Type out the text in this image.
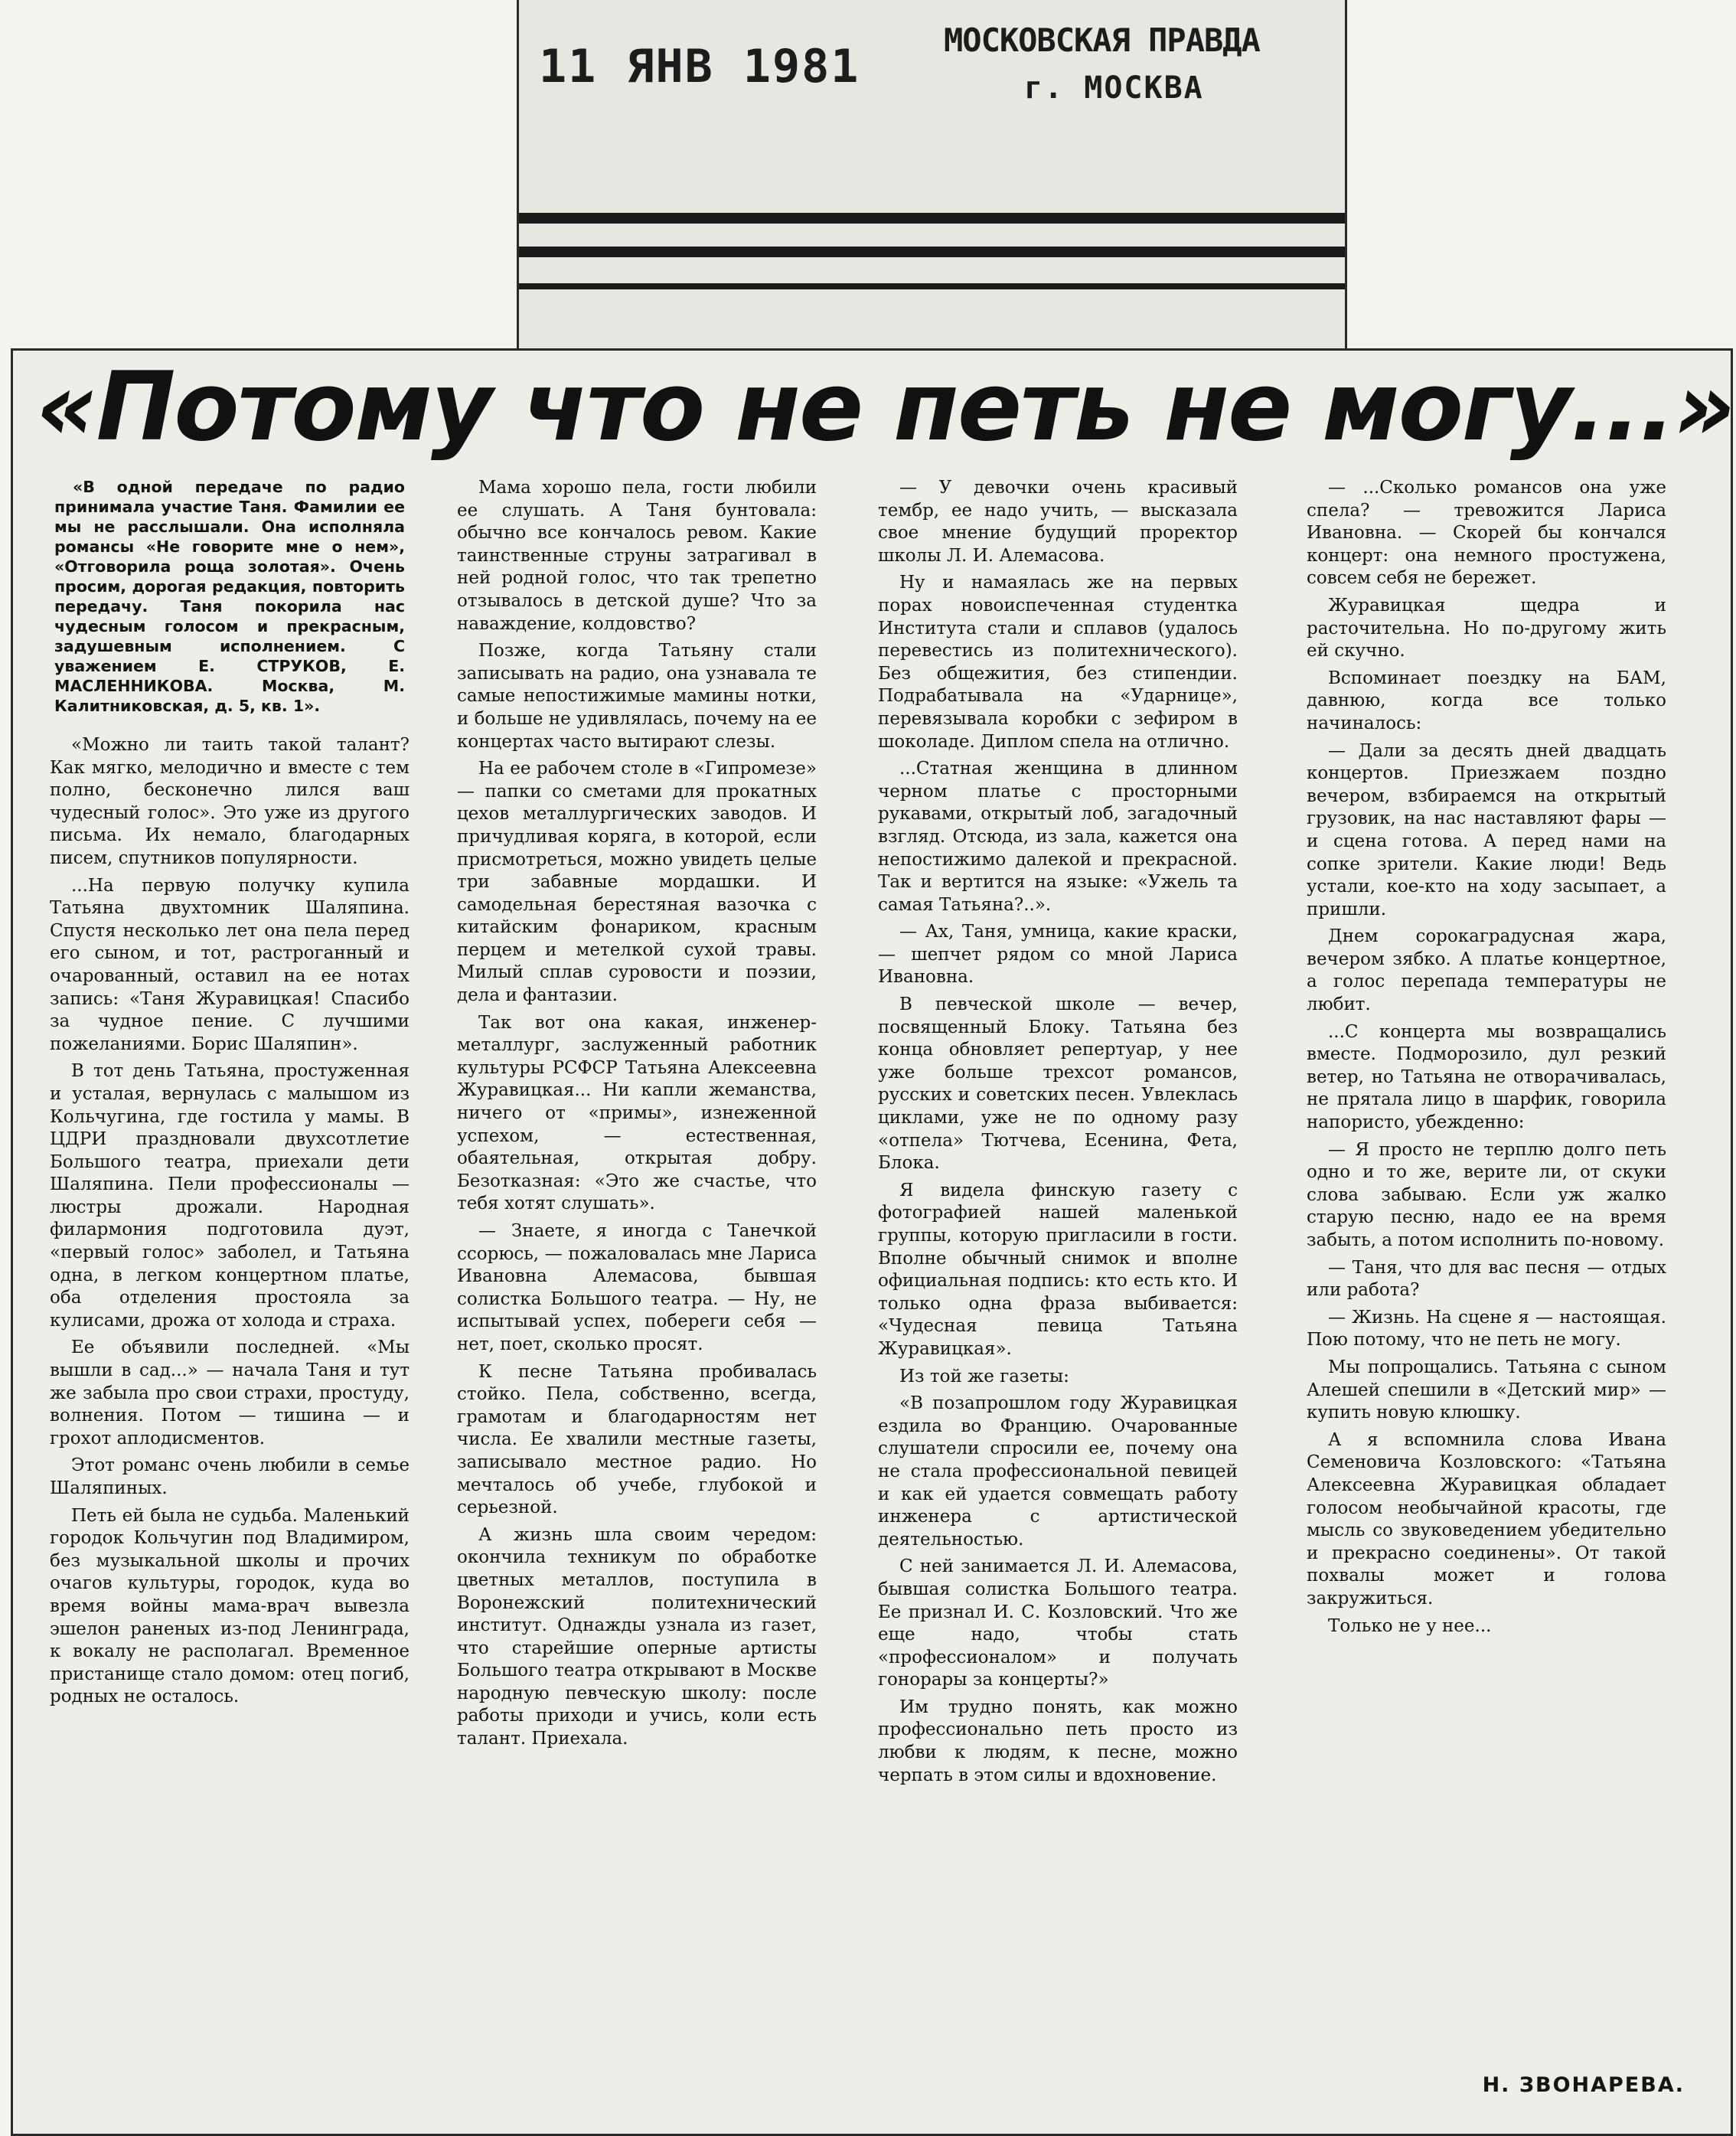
11 ЯНВ 1981	МОСКОВСКАЯ ПРАВДА
г. МОСКВА
«Потому что не петь не могу...»

«В одной передаче по радио принимала участие Таня. Фамилии ее мы не расслышали. Она исполняла романсы «Не говорите мне о нем», «Отговорила роща золотая». Очень просим, дорогая редакция, повторить передачу. Таня покорила нас чудесным голосом и прекрасным, задушевным исполнением. С уважением Е. СТРУКОВ, Е. МАСЛЕННИКОВА. Москва, М. Калитниковская, д. 5, кв. 1».

«Можно ли таить такой талант? Как мягко, мелодично и вместе с тем полно, бесконечно лился ваш чудесный голос». Это уже из другого письма. Их немало, благодарных писем, спутников популярности.

...На первую получку купила Татьяна двухтомник Шаляпина. Спустя несколько лет она пела перед его сыном, и тот, растроганный и очарованный, оставил на ее нотах запись: «Таня Журавицкая! Спасибо за чудное пение. С лучшими пожеланиями. Борис Шаляпин».

В тот день Татьяна, простуженная и усталая, вернулась с малышом из Кольчугина, где гостила у мамы. В ЦДРИ праздновали двухсотлетие Большого театра, приехали дети Шаляпина. Пели профессионалы — люстры дрожали. Народная филармония подготовила дуэт, «первый голос» заболел, и Татьяна одна, в легком концертном платье, оба отделения простояла за кулисами, дрожа от холода и страха.

Ее объявили последней. «Мы вышли в сад...» — начала Таня и тут же забыла про свои страхи, простуду, волнения. Потом — тишина — и грохот аплодисментов.

Этот романс очень любили в семье Шаляпиных.

Петь ей была не судьба. Маленький городок Кольчугин под Владимиром, без музыкальной школы и прочих очагов культуры, городок, куда во время войны мама-врач вывезла эшелон раненых из-под Ленинграда, к вокалу не располагал. Временное пристанище стало домом: отец погиб, родных не осталось.

Мама хорошо пела, гости любили ее слушать. А Таня бунтовала: обычно все кончалось ревом. Какие таинственные струны затрагивал в ней родной голос, что так трепетно отзывалось в детской душе? Что за наваждение, колдовство?

Позже, когда Татьяну стали записывать на радио, она узнавала те самые непостижимые мамины нотки, и больше не удивлялась, почему на ее концертах часто вытирают слезы.

На ее рабочем столе в «Гипромезе» — папки со сметами для прокатных цехов металлургических заводов. И причудливая коряга, в которой, если присмотреться, можно увидеть целые три забавные мордашки. И самодельная берестяная вазочка с китайским фонариком, красным перцем и метелкой сухой травы. Милый сплав суровости и поэзии, дела и фантазии.

Так вот она какая, инженер-металлург, заслуженный работник культуры РСФСР Татьяна Алексеевна Журавицкая... Ни капли жеманства, ничего от «примы», изнеженной успехом, — естественная, обаятельная, открытая добру. Безотказная: «Это же счастье, что тебя хотят слушать».

— Знаете, я иногда с Танечкой ссорюсь, — пожаловалась мне Лариса Ивановна Алемасова, бывшая солистка Большого театра. — Ну, не испытывай успех, побереги себя — нет, поет, сколько просят.

К песне Татьяна пробивалась стойко. Пела, собственно, всегда, грамотам и благодарностям нет числа. Ее хвалили местные газеты, записывало местное радио. Но мечталось об учебе, глубокой и серьезной.

А жизнь шла своим чередом: окончила техникум по обработке цветных металлов, поступила в Воронежский политехнический институт. Однажды узнала из газет, что старейшие оперные артисты Большого театра открывают в Москве народную певческую школу: после работы приходи и учись, коли есть талант. Приехала.

— У девочки очень красивый тембр, ее надо учить, — высказала свое мнение будущий проректор школы Л. И. Алемасова.

Ну и намаялась же на первых порах новоиспеченная студентка Института стали и сплавов (удалось перевестись из политехнического). Без общежития, без стипендии. Подрабатывала на «Ударнице», перевязывала коробки с зефиром в шоколаде. Диплом спела на отлично.

...Статная женщина в длинном черном платье с просторными рукавами, открытый лоб, загадочный взгляд. Отсюда, из зала, кажется она непостижимо далекой и прекрасной. Так и вертится на языке: «Ужель та самая Татьяна?..».

— Ах, Таня, умница, какие краски, — шепчет рядом со мной Лариса Ивановна.

В певческой школе — вечер, посвященный Блоку. Татьяна без конца обновляет репертуар, у нее уже больше трехсот романсов, русских и советских песен. Увлеклась циклами, уже не по одному разу «отпела» Тютчева, Есенина, Фета, Блока.

Я видела финскую газету с фотографией нашей маленькой группы, которую пригласили в гости. Вполне обычный снимок и вполне официальная подпись: кто есть кто. И только одна фраза выбивается: «Чудесная певица Татьяна Журавицкая».

Из той же газеты:

«В позапрошлом году Журавицкая ездила во Францию. Очарованные слушатели спросили ее, почему она не стала профессиональной певицей и как ей удается совмещать работу инженера с артистической деятельностью.

С ней занимается Л. И. Алемасова, бывшая солистка Большого театра. Ее признал И. С. Козловский. Что же еще надо, чтобы стать «профессионалом» и получать гонорары за концерты?»

Им трудно понять, как можно профессионально петь просто из любви к людям, к песне, можно черпать в этом силы и вдохновение.

— ...Сколько романсов она уже спела? — тревожится Лариса Ивановна. — Скорей бы кончался концерт: она немного простужена, совсем себя не бережет.

Журавицкая щедра и расточительна. Но по-другому жить ей скучно.

Вспоминает поездку на БАМ, давнюю, когда все только начиналось:

— Дали за десять дней двадцать концертов. Приезжаем поздно вечером, взбираемся на открытый грузовик, на нас наставляют фары — и сцена готова. А перед нами на сопке зрители. Какие люди! Ведь устали, кое-кто на ходу засыпает, а пришли.

Днем сорокаградусная жара, вечером зябко. А платье концертное, а голос перепада температуры не любит.

...С концерта мы возвращались вместе. Подморозило, дул резкий ветер, но Татьяна не отворачивалась, не прятала лицо в шарфик, говорила напористо, убежденно:

— Я просто не терплю долго петь одно и то же, верите ли, от скуки слова забываю. Если уж жалко старую песню, надо ее на время забыть, а потом исполнить по-новому.

— Таня, что для вас песня — отдых или работа?

— Жизнь. На сцене я — настоящая. Пою потому, что не петь не могу.

Мы попрощались. Татьяна с сыном Алешей спешили в «Детский мир» — купить новую клюшку.

А я вспомнила слова Ивана Семеновича Козловского: «Татьяна Алексеевна Журавицкая обладает голосом необычайной красоты, где мысль со звуковедением убедительно и прекрасно соединены». От такой похвалы может и голова закружиться.

Только не у нее...

Н. ЗВОНАРЕВА.
